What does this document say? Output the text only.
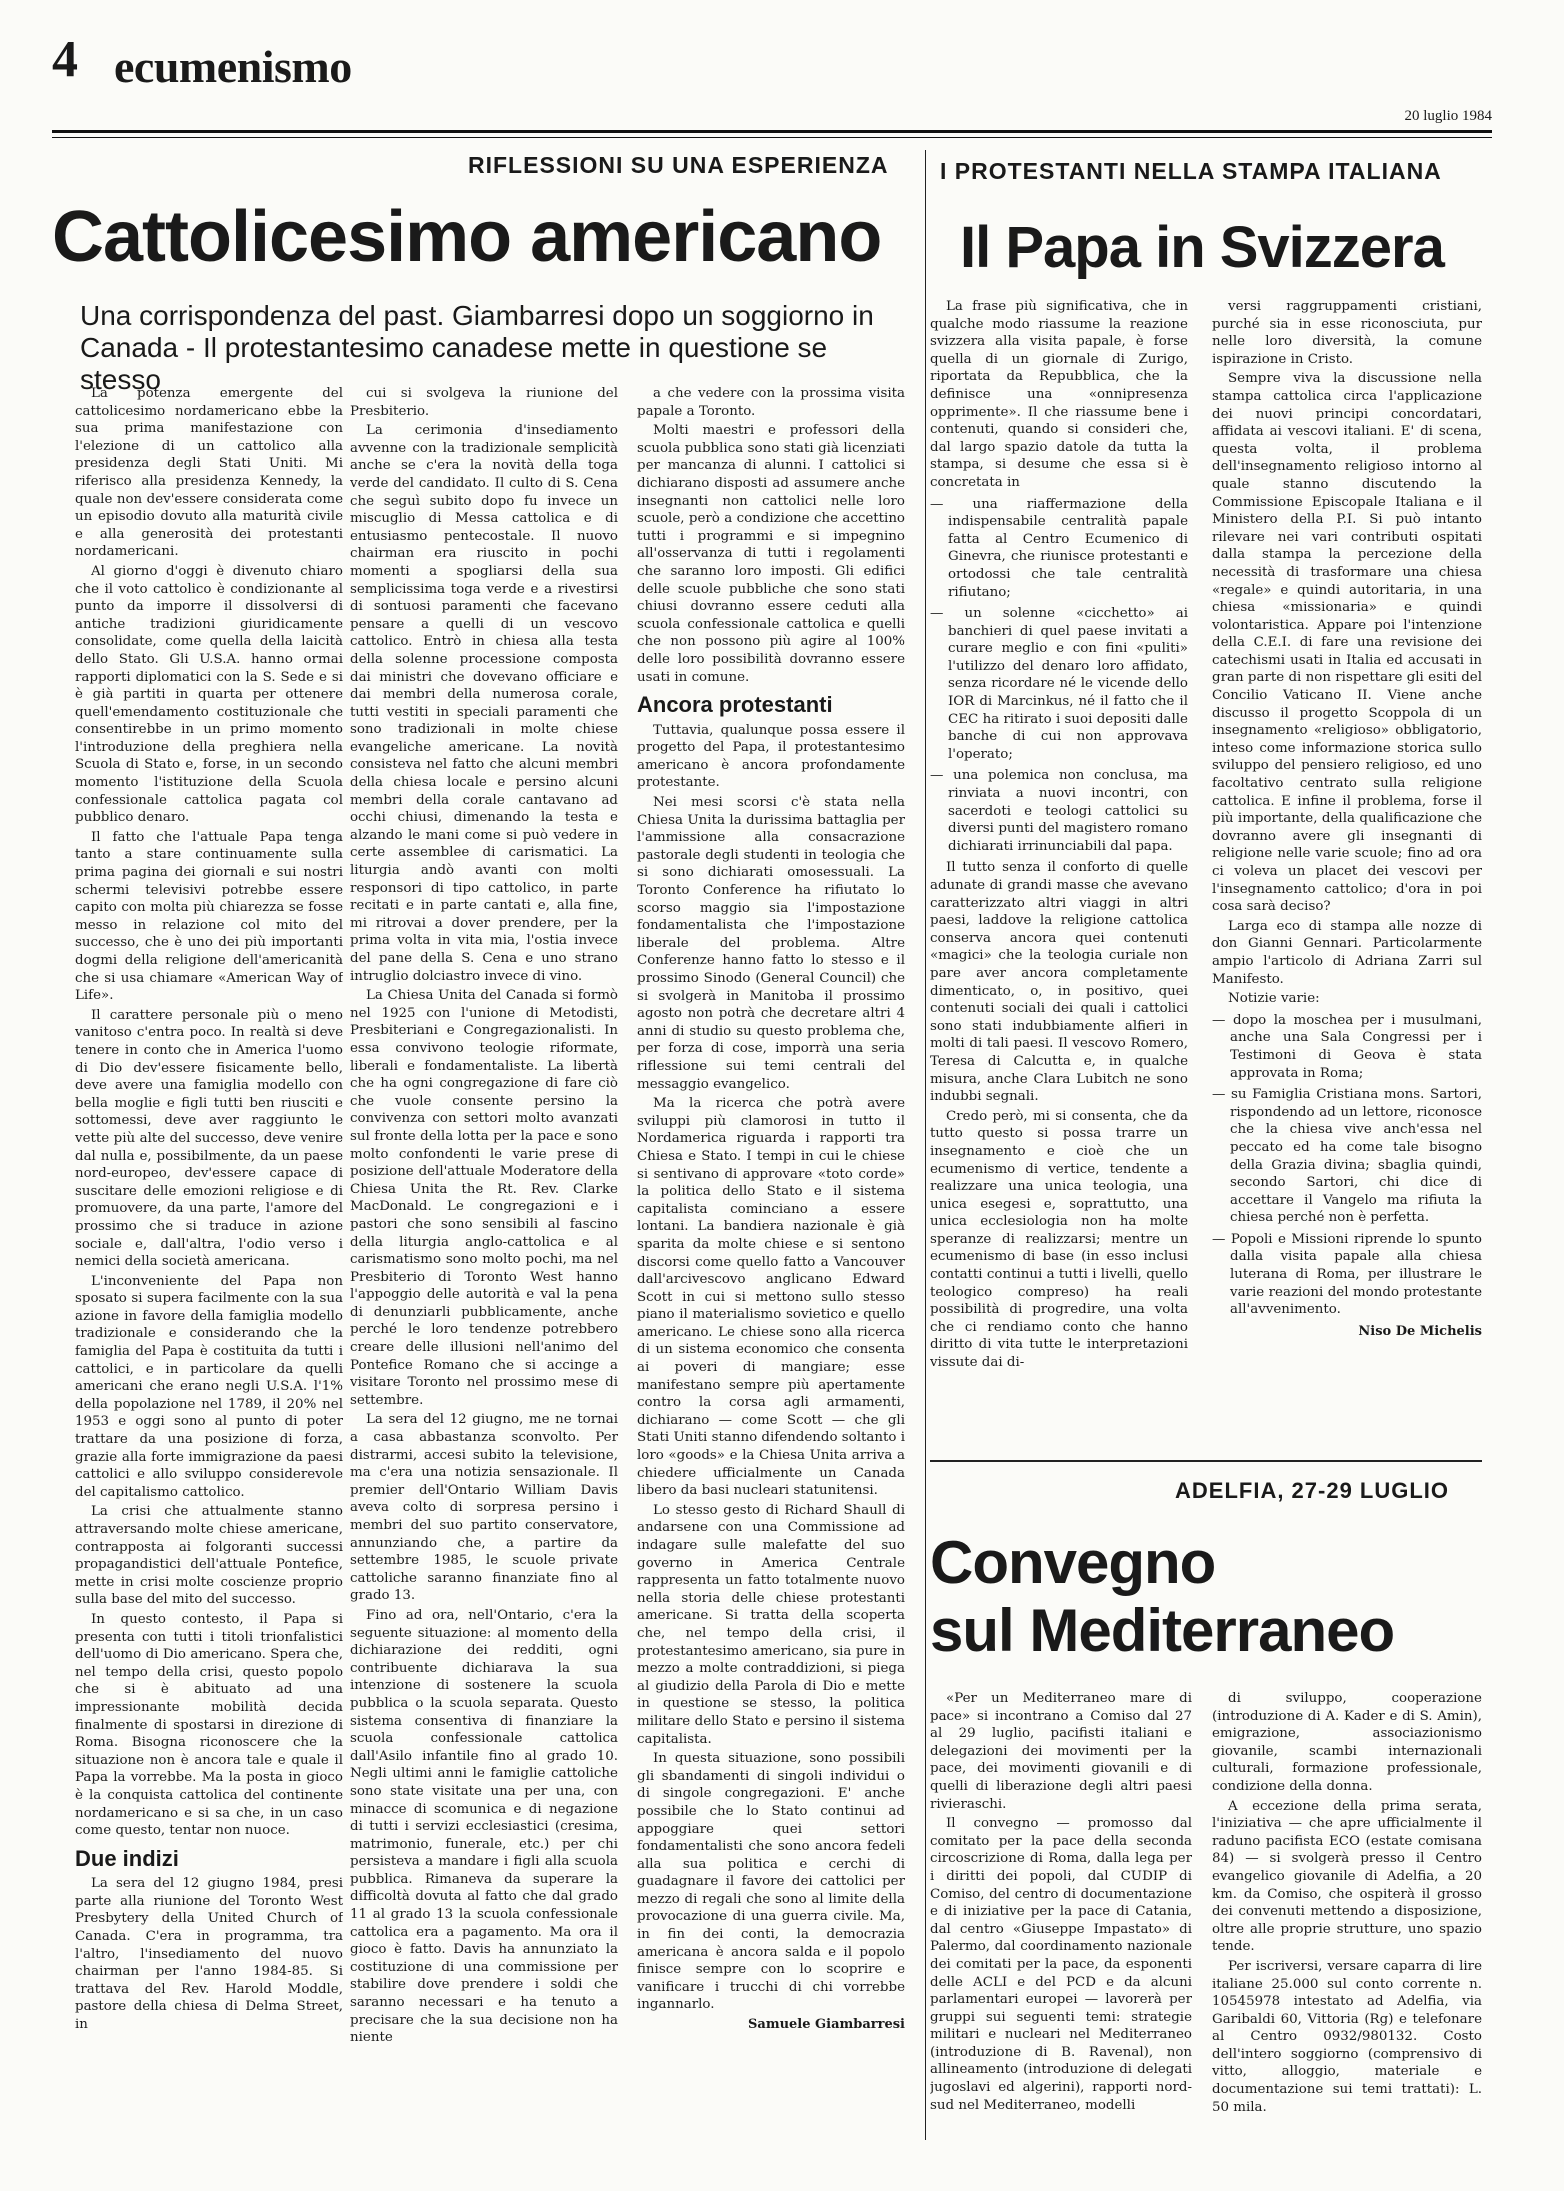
4 ecumenismo
20 luglio 1984
RIFLESSIONI SU UNA ESPERIENZA
Cattolicesimo americano
Una corrispondenza del past. Giambarresi dopo un soggiorno in Canada - Il protestantesimo canadese mette in questione se stesso
I PROTESTANTI NELLA STAMPA ITALIANA
Il Papa in Svizzera

La potenza emergente del cattolicesimo nordamericano ebbe la sua prima manifestazione con l'elezione di un cattolico alla presidenza degli Stati Uniti. Mi riferisco alla presidenza Kennedy, la quale non dev'essere considerata come un episodio dovuto alla maturità civile e alla generosità dei protestanti nordamericani.

Al giorno d'oggi è divenuto chiaro che il voto cattolico è condizionante al punto da imporre il dissolversi di antiche tradizioni giuridicamente consolidate, come quella della laicità dello Stato. Gli U.S.A. hanno ormai rapporti diplomatici con la S. Sede e si è già partiti in quarta per ottenere quell'emendamento costituzionale che consentirebbe in un primo momento l'introduzione della preghiera nella Scuola di Stato e, forse, in un secondo momento l'istituzione della Scuola confessionale cattolica pagata col pubblico denaro.

Il fatto che l'attuale Papa tenga tanto a stare continuamente sulla prima pagina dei giornali e sui nostri schermi televisivi potrebbe essere capito con molta più chiarezza se fosse messo in relazione col mito del successo, che è uno dei più importanti dogmi della religione dell'americanità che si usa chiamare «American Way of Life».

Il carattere personale più o meno vanitoso c'entra poco. In realtà si deve tenere in conto che in America l'uomo di Dio dev'essere fisicamente bello, deve avere una famiglia modello con bella moglie e figli tutti ben riusciti e sottomessi, deve aver raggiunto le vette più alte del successo, deve venire dal nulla e, possibilmente, da un paese nord-europeo, dev'essere capace di suscitare delle emozioni religiose e di promuovere, da una parte, l'amore del prossimo che si traduce in azione sociale e, dall'altra, l'odio verso i nemici della società americana.

L'inconveniente del Papa non sposato si supera facilmente con la sua azione in favore della famiglia modello tradizionale e considerando che la famiglia del Papa è costituita da tutti i cattolici, e in particolare da quelli americani che erano negli U.S.A. l'1% della popolazione nel 1789, il 20% nel 1953 e oggi sono al punto di poter trattare da una posizione di forza, grazie alla forte immigrazione da paesi cattolici e allo sviluppo considerevole del capitalismo cattolico.

La crisi che attualmente stanno attraversando molte chiese americane, contrapposta ai folgoranti successi propagandistici dell'attuale Pontefice, mette in crisi molte coscienze proprio sulla base del mito del successo.

In questo contesto, il Papa si presenta con tutti i titoli trionfalistici dell'uomo di Dio americano. Spera che, nel tempo della crisi, questo popolo che si è abituato ad una impressionante mobilità decida finalmente di spostarsi in direzione di Roma. Bisogna riconoscere che la situazione non è ancora tale e quale il Papa la vorrebbe. Ma la posta in gioco è la conquista cattolica del continente nordamericano e si sa che, in un caso come questo, tentar non nuoce.

Due indizi

La sera del 12 giugno 1984, presi parte alla riunione del Toronto West Presbytery della United Church of Canada. C'era in programma, tra l'altro, l'insediamento del nuovo chairman per l'anno 1984-85. Si trattava del Rev. Harold Moddle, pastore della chiesa di Delma Street, in

cui si svolgeva la riunione del Presbiterio.

La cerimonia d'insediamento avvenne con la tradizionale semplicità anche se c'era la novità della toga verde del candidato. Il culto di S. Cena che seguì subito dopo fu invece un miscuglio di Messa cattolica e di entusiasmo pentecostale. Il nuovo chairman era riuscito in pochi momenti a spogliarsi della sua semplicissima toga verde e a rivestirsi di sontuosi paramenti che facevano pensare a quelli di un vescovo cattolico. Entrò in chiesa alla testa della solenne processione composta dai ministri che dovevano officiare e dai membri della numerosa corale, tutti vestiti in speciali paramenti che sono tradizionali in molte chiese evangeliche americane. La novità consisteva nel fatto che alcuni membri della chiesa locale e persino alcuni membri della corale cantavano ad occhi chiusi, dimenando la testa e alzando le mani come si può vedere in certe assemblee di carismatici. La liturgia andò avanti con molti responsori di tipo cattolico, in parte recitati e in parte cantati e, alla fine, mi ritrovai a dover prendere, per la prima volta in vita mia, l'ostia invece del pane della S. Cena e uno strano intruglio dolciastro invece di vino.

La Chiesa Unita del Canada si formò nel 1925 con l'unione di Metodisti, Presbiteriani e Congregazionalisti. In essa convivono teologie riformate, liberali e fondamentaliste. La libertà che ha ogni congregazione di fare ciò che vuole consente persino la convivenza con settori molto avanzati sul fronte della lotta per la pace e sono molto confondenti le varie prese di posizione dell'attuale Moderatore della Chiesa Unita the Rt. Rev. Clarke MacDonald. Le congregazioni e i pastori che sono sensibili al fascino della liturgia anglo-cattolica e al carismatismo sono molto pochi, ma nel Presbiterio di Toronto West hanno l'appoggio delle autorità e val la pena di denunziarli pubblicamente, anche perché le loro tendenze potrebbero creare delle illusioni nell'animo del Pontefice Romano che si accinge a visitare Toronto nel prossimo mese di settembre.

La sera del 12 giugno, me ne tornai a casa abbastanza sconvolto. Per distrarmi, accesi subito la televisione, ma c'era una notizia sensazionale. Il premier dell'Ontario William Davis aveva colto di sorpresa persino i membri del suo partito conservatore, annunziando che, a partire da settembre 1985, le scuole private cattoliche saranno finanziate fino al grado 13.

Fino ad ora, nell'Ontario, c'era la seguente situazione: al momento della dichiarazione dei redditi, ogni contribuente dichiarava la sua intenzione di sostenere la scuola pubblica o la scuola separata. Questo sistema consentiva di finanziare la scuola confessionale cattolica dall'Asilo infantile fino al grado 10. Negli ultimi anni le famiglie cattoliche sono state visitate una per una, con minacce di scomunica e di negazione di tutti i servizi ecclesiastici (cresima, matrimonio, funerale, etc.) per chi persisteva a mandare i figli alla scuola pubblica. Rimaneva da superare la difficoltà dovuta al fatto che dal grado 11 al grado 13 la scuola confessionale cattolica era a pagamento. Ma ora il gioco è fatto. Davis ha annunziato la costituzione di una commissione per stabilire dove prendere i soldi che saranno necessari e ha tenuto a precisare che la sua decisione non ha niente

a che vedere con la prossima visita papale a Toronto.

Molti maestri e professori della scuola pubblica sono stati già licenziati per mancanza di alunni. I cattolici si dichiarano disposti ad assumere anche insegnanti non cattolici nelle loro scuole, però a condizione che accettino tutti i programmi e si impegnino all'osservanza di tutti i regolamenti che saranno loro imposti. Gli edifici delle scuole pubbliche che sono stati chiusi dovranno essere ceduti alla scuola confessionale cattolica e quelli che non possono più agire al 100% delle loro possibilità dovranno essere usati in comune.

Ancora protestanti

Tuttavia, qualunque possa essere il progetto del Papa, il protestantesimo americano è ancora profondamente protestante.

Nei mesi scorsi c'è stata nella Chiesa Unita la durissima battaglia per l'ammissione alla consacrazione pastorale degli studenti in teologia che si sono dichiarati omosessuali. La Toronto Conference ha rifiutato lo scorso maggio sia l'impostazione fondamentalista che l'impostazione liberale del problema. Altre Conferenze hanno fatto lo stesso e il prossimo Sinodo (General Council) che si svolgerà in Manitoba il prossimo agosto non potrà che decretare altri 4 anni di studio su questo problema che, per forza di cose, imporrà una seria riflessione sui temi centrali del messaggio evangelico.

Ma la ricerca che potrà avere sviluppi più clamorosi in tutto il Nordamerica riguarda i rapporti tra Chiesa e Stato. I tempi in cui le chiese si sentivano di approvare «toto corde» la politica dello Stato e il sistema capitalista cominciano a essere lontani. La bandiera nazionale è già sparita da molte chiese e si sentono discorsi come quello fatto a Vancouver dall'arcivescovo anglicano Edward Scott in cui si mettono sullo stesso piano il materialismo sovietico e quello americano. Le chiese sono alla ricerca di un sistema economico che consenta ai poveri di mangiare; esse manifestano sempre più apertamente contro la corsa agli armamenti, dichiarano — come Scott — che gli Stati Uniti stanno difendendo soltanto i loro «goods» e la Chiesa Unita arriva a chiedere ufficialmente un Canada libero da basi nucleari statunitensi.

Lo stesso gesto di Richard Shaull di andarsene con una Commissione ad indagare sulle malefatte del suo governo in America Centrale rappresenta un fatto totalmente nuovo nella storia delle chiese protestanti americane. Si tratta della scoperta che, nel tempo della crisi, il protestantesimo americano, sia pure in mezzo a molte contraddizioni, si piega al giudizio della Parola di Dio e mette in questione se stesso, la politica militare dello Stato e persino il sistema capitalista.

In questa situazione, sono possibili gli sbandamenti di singoli individui o di singole congregazioni. E' anche possibile che lo Stato continui ad appoggiare quei settori fondamentalisti che sono ancora fedeli alla sua politica e cerchi di guadagnare il favore dei cattolici per mezzo di regali che sono al limite della provocazione di una guerra civile. Ma, in fin dei conti, la democrazia americana è ancora salda e il popolo finisce sempre con lo scoprire e vanificare i trucchi di chi vorrebbe ingannarlo.

Samuele Giambarresi

La frase più significativa, che in qualche modo riassume la reazione svizzera alla visita papale, è forse quella di un giornale di Zurigo, riportata da Repubblica, che la definisce una «onnipresenza opprimente». Il che riassume bene i contenuti, quando si consideri che, dal largo spazio datole da tutta la stampa, si desume che essa si è concretata in

— una riaffermazione della indispensabile centralità papale fatta al Centro Ecumenico di Ginevra, che riunisce protestanti e ortodossi che tale centralità rifiutano;
— un solenne «cicchetto» ai banchieri di quel paese invitati a curare meglio e con fini «puliti» l'utilizzo del denaro loro affidato, senza ricordare né le vicende dello IOR di Marcinkus, né il fatto che il CEC ha ritirato i suoi depositi dalle banche di cui non approvava l'operato;
— una polemica non conclusa, ma rinviata a nuovi incontri, con sacerdoti e teologi cattolici su diversi punti del magistero romano dichiarati irrinunciabili dal papa.

Il tutto senza il conforto di quelle adunate di grandi masse che avevano caratterizzato altri viaggi in altri paesi, laddove la religione cattolica conserva ancora quei contenuti «magici» che la teologia curiale non pare aver ancora completamente dimenticato, o, in positivo, quei contenuti sociali dei quali i cattolici sono stati indubbiamente alfieri in molti di tali paesi. Il vescovo Romero, Teresa di Calcutta e, in qualche misura, anche Clara Lubitch ne sono indubbi segnali.

Credo però, mi si consenta, che da tutto questo si possa trarre un insegnamento e cioè che un ecumenismo di vertice, tendente a realizzare una unica teologia, una unica esegesi e, soprattutto, una unica ecclesiologia non ha molte speranze di realizzarsi; mentre un ecumenismo di base (in esso inclusi contatti continui a tutti i livelli, quello teologico compreso) ha reali possibilità di progredire, una volta che ci rendiamo conto che hanno diritto di vita tutte le interpretazioni vissute dai di-

versi raggruppamenti cristiani, purché sia in esse riconosciuta, pur nelle loro diversità, la comune ispirazione in Cristo.

Sempre viva la discussione nella stampa cattolica circa l'applicazione dei nuovi principi concordatari, affidata ai vescovi italiani. E' di scena, questa volta, il problema dell'insegnamento religioso intorno al quale stanno discutendo la Commissione Episcopale Italiana e il Ministero della P.I. Si può intanto rilevare nei vari contributi ospitati dalla stampa la percezione della necessità di trasformare una chiesa «regale» e quindi autoritaria, in una chiesa «missionaria» e quindi volontaristica. Appare poi l'intenzione della C.E.I. di fare una revisione dei catechismi usati in Italia ed accusati in gran parte di non rispettare gli esiti del Concilio Vaticano II. Viene anche discusso il progetto Scoppola di un insegnamento «religioso» obbligatorio, inteso come informazione storica sullo sviluppo del pensiero religioso, ed uno facoltativo centrato sulla religione cattolica. E infine il problema, forse il più importante, della qualificazione che dovranno avere gli insegnanti di religione nelle varie scuole; fino ad ora ci voleva un placet dei vescovi per l'insegnamento cattolico; d'ora in poi cosa sarà deciso?

Larga eco di stampa alle nozze di don Gianni Gennari. Particolarmente ampio l'articolo di Adriana Zarri sul Manifesto.

Notizie varie:

— dopo la moschea per i musulmani, anche una Sala Congressi per i Testimoni di Geova è stata approvata in Roma;
— su Famiglia Cristiana mons. Sartori, rispondendo ad un lettore, riconosce che la chiesa vive anch'essa nel peccato ed ha come tale bisogno della Grazia divina; sbaglia quindi, secondo Sartori, chi dice di accettare il Vangelo ma rifiuta la chiesa perché non è perfetta.
— Popoli e Missioni riprende lo spunto dalla visita papale alla chiesa luterana di Roma, per illustrare le varie reazioni del mondo protestante all'avvenimento.

Niso De Michelis

ADELFIA, 27-29 LUGLIO
Convegno
sul Mediterraneo

«Per un Mediterraneo mare di pace» si incontrano a Comiso dal 27 al 29 luglio, pacifisti italiani e delegazioni dei movimenti per la pace, dei movimenti giovanili e di quelli di liberazione degli altri paesi rivieraschi.

Il convegno — promosso dal comitato per la pace della seconda circoscrizione di Roma, dalla lega per i diritti dei popoli, dal CUDIP di Comiso, del centro di documentazione e di iniziative per la pace di Catania, dal centro «Giuseppe Impastato» di Palermo, dal coordinamento nazionale dei comitati per la pace, da esponenti delle ACLI e del PCD e da alcuni parlamentari europei — lavorerà per gruppi sui seguenti temi: strategie militari e nucleari nel Mediterraneo (introduzione di B. Ravenal), non allineamento (introduzione di delegati jugoslavi ed algerini), rapporti nord-sud nel Mediterraneo, modelli

di sviluppo, cooperazione (introduzione di A. Kader e di S. Amin), emigrazione, associazionismo giovanile, scambi internazionali culturali, formazione professionale, condizione della donna.

A eccezione della prima serata, l'iniziativa — che apre ufficialmente il raduno pacifista ECO (estate comisana 84) — si svolgerà presso il Centro evangelico giovanile di Adelfia, a 20 km. da Comiso, che ospiterà il grosso dei convenuti mettendo a disposizione, oltre alle proprie strutture, uno spazio tende.

Per iscriversi, versare caparra di lire italiane 25.000 sul conto corrente n. 10545978 intestato ad Adelfia, via Garibaldi 60, Vittoria (Rg) e telefonare al Centro 0932/980132. Costo dell'intero soggiorno (comprensivo di vitto, alloggio, materiale e documentazione sui temi trattati): L. 50 mila.
